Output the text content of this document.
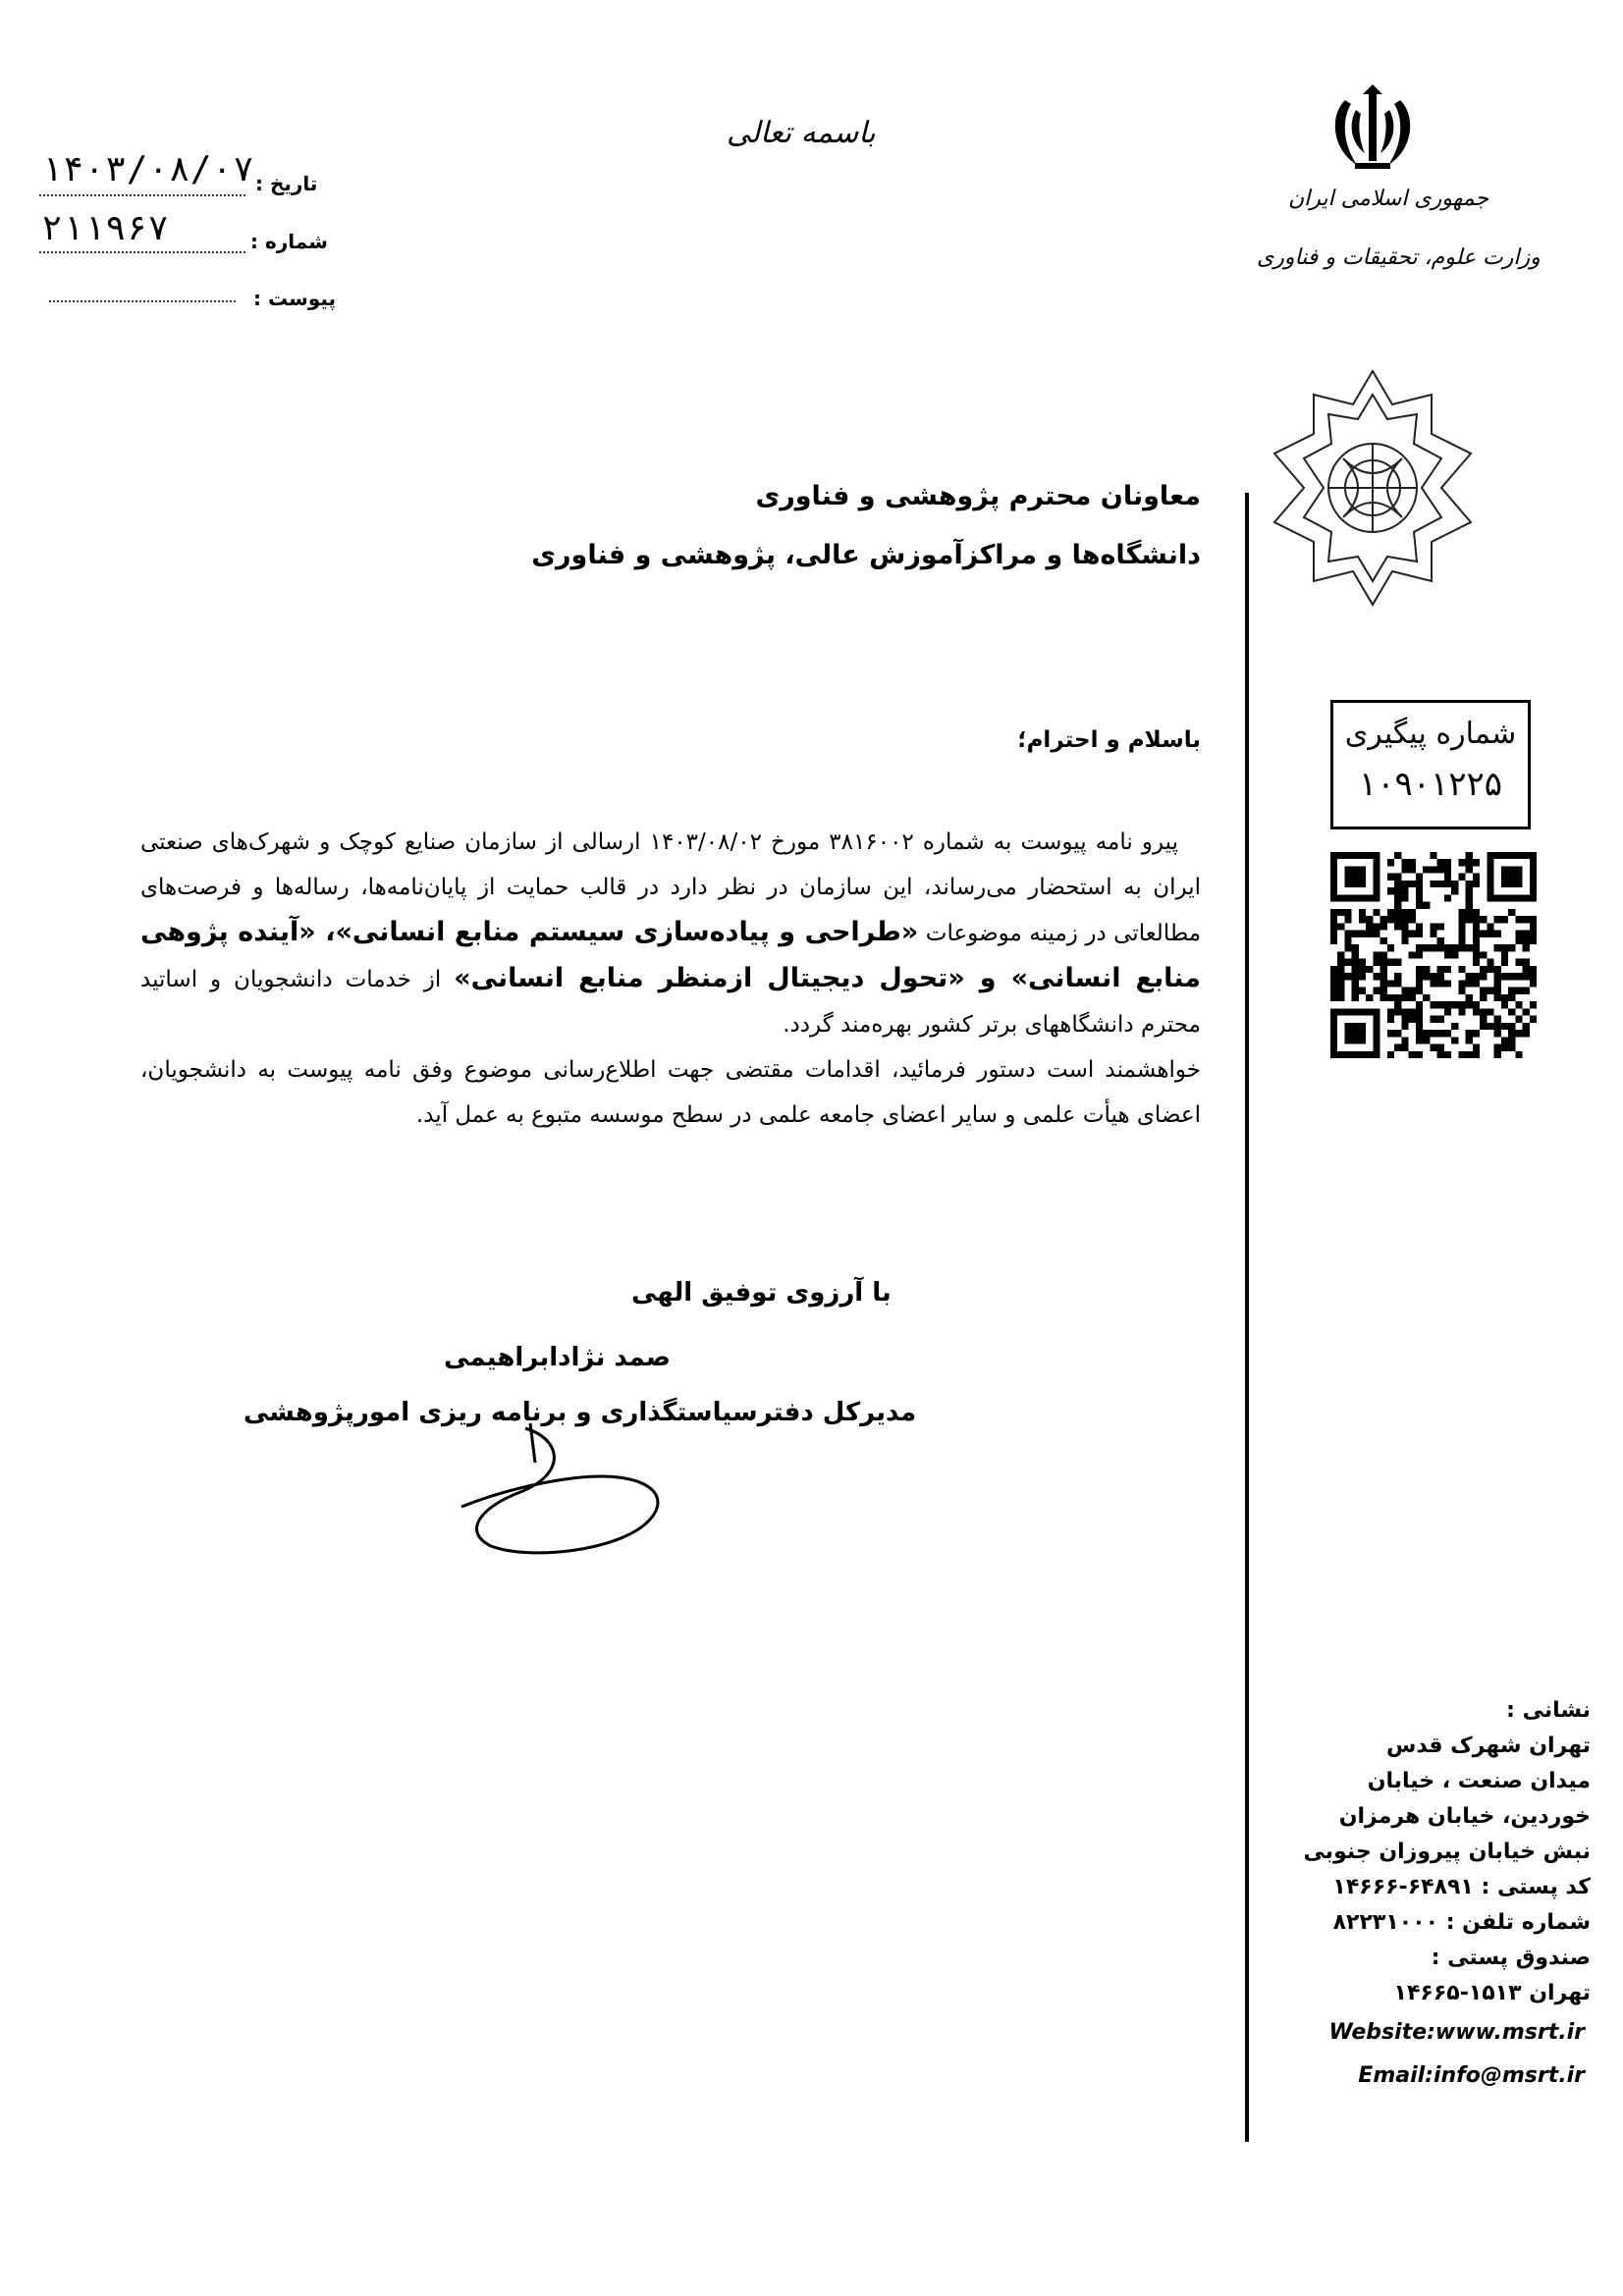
باسمه تعالی
۱۴۰۳/۰۸/۰۷ تاریخ :
۲۱۱۹۶۷	شماره :
پیوست :
جمهوری اسلامی ایران
وزارت علوم، تحقیقات و فناوری
معاونان محترم پژوهشی و فناوری
دانشگاه‌ها و مراکزآموزش عالی، پژوهشی و فناوری
شماره پیگیری
۱۰۹۰۱۲۲۵
باسلام و احترام؛

 پیرو نامه پیوست به شماره ۳۸۱۶۰۰۲ مورخ ۱۴۰۳/۰۸/۰۲ ارسالی از سازمان صنایع کوچک و شهرک‌های صنعتی ایران به استحضار می‌رساند، این سازمان در نظر دارد در قالب حمایت از پایان‌نامه‌ها، رساله‌ها و فرصت‌های مطالعاتی در زمینه موضوعات «طراحی و پیاده‌سازی سیستم منابع انسانی»، «آینده پژوهی منابع انسانی» و «تحول دیجیتال ازمنظر منابع انسانی» از خدمات دانشجویان و اساتید محترم دانشگاههای برتر کشور بهره‌مند گردد.

خواهشمند است دستور فرمائید، اقدامات مقتضی جهت اطلاع‌رسانی موضوع وفق نامه پیوست به دانشجویان، اعضای هیأت علمی و سایر اعضای جامعه علمی در سطح موسسه متبوع به عمل آید.

با آرزوی توفیق الهی
صمد نژادابراهیمی
مدیرکل دفترسیاستگذاری و برنامه ریزی امورپژوهشی
نشانی :
تهران شهرک قدس
میدان صنعت ، خیابان
خوردین، خیابان هرمزان
نبش خیابان پیروزان جنوبی
کد پستی : ۶۴۸۹۱-۱۴۶۶۶
شماره تلفن : ۸۲۲۳۱۰۰۰
صندوق پستی :
تهران ۱۵۱۳-۱۴۶۶۵
Website:www.msrt.ir
Email:info@msrt.ir
